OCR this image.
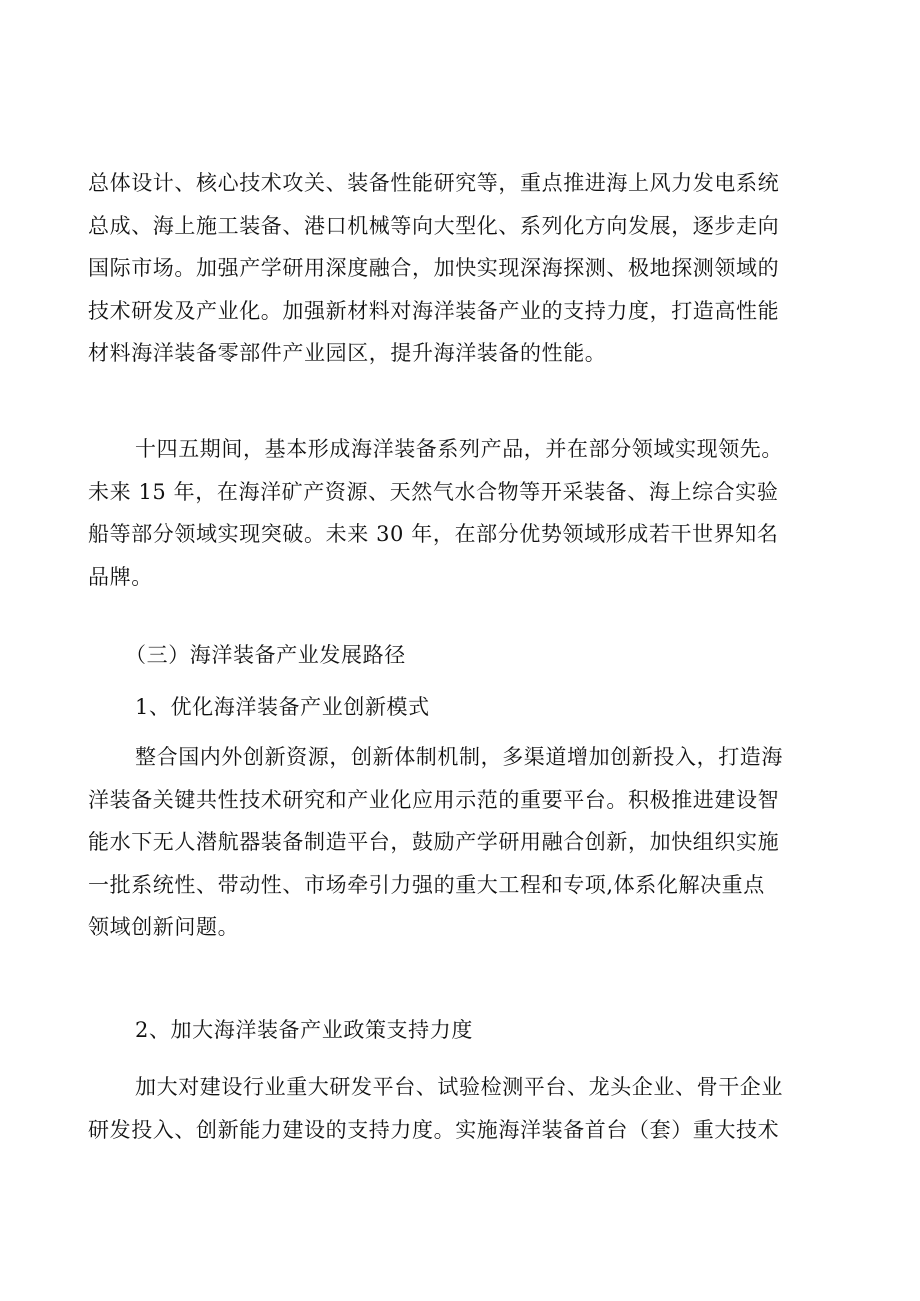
总体设计、核心技术攻关、装备性能研究等，重点推进海上风力发电系统
总成、海上施工装备、港口机械等向大型化、系列化方向发展，逐步走向
国际市场。加强产学研用深度融合，加快实现深海探测、极地探测领域的
技术研发及产业化。加强新材料对海洋装备产业的支持力度，打造高性能
材料海洋装备零部件产业园区，提升海洋装备的性能。
十四五期间，基本形成海洋装备系列产品，并在部分领域实现领先。
未来 15 年，在海洋矿产资源、天然气水合物等开采装备、海上综合实验
船等部分领域实现突破。未来 30 年，在部分优势领域形成若干世界知名
品牌。
（三）海洋装备产业发展路径
1、优化海洋装备产业创新模式
整合国内外创新资源，创新体制机制，多渠道增加创新投入，打造海
洋装备关键共性技术研究和产业化应用示范的重要平台。积极推进建设智
能水下无人潜航器装备制造平台，鼓励产学研用融合创新，加快组织实施
一批系统性、带动性、市场牵引力强的重大工程和专项,体系化解决重点
领域创新问题。
2、加大海洋装备产业政策支持力度
加大对建设行业重大研发平台、试验检测平台、龙头企业、骨干企业
研发投入、创新能力建设的支持力度。实施海洋装备首台（套）重大技术
